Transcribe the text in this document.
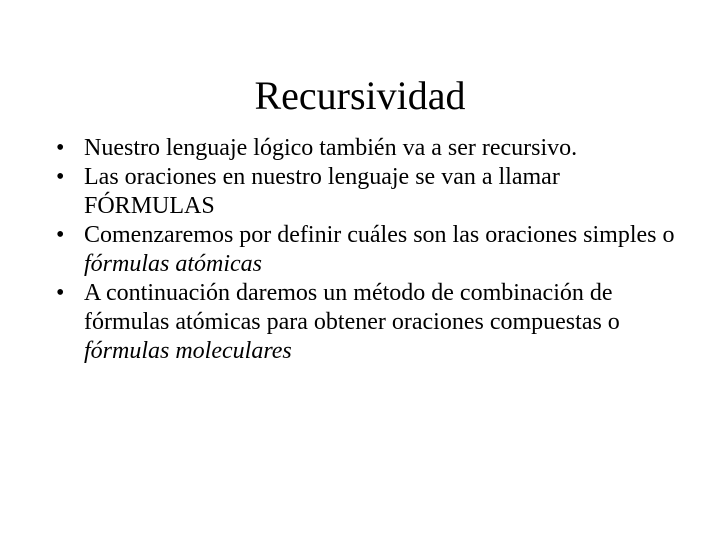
Recursividad
• Nuestro lenguaje lógico también va a ser recursivo.
• Las oraciones en nuestro lenguaje se van a llamar FÓRMULAS
• Comenzaremos por definir cuáles son las oraciones simples o fórmulas atómicas
• A continuación daremos un método de combinación de fórmulas atómicas para obtener oraciones compuestas o fórmulas moleculares
